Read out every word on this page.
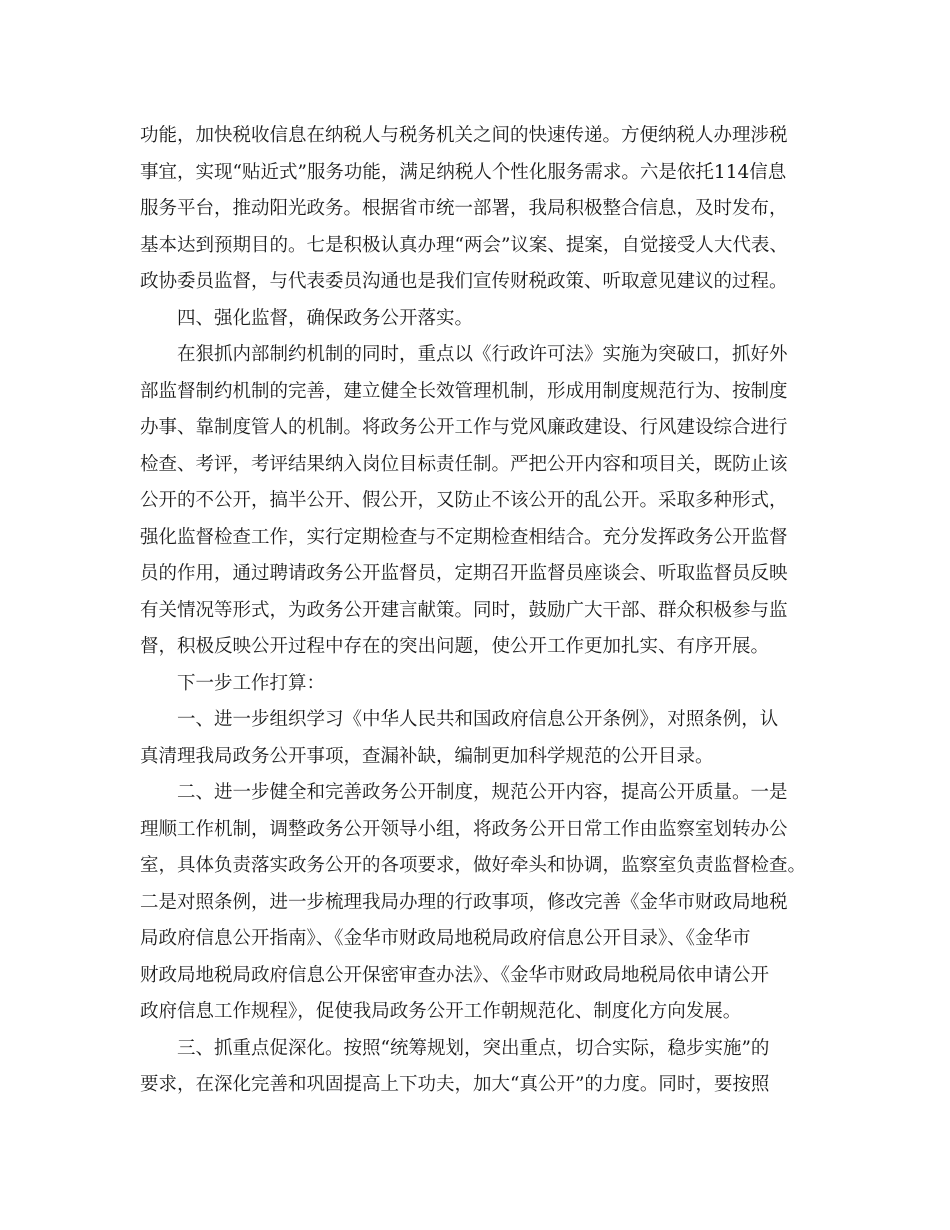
功能，加快税收信息在纳税人与税务机关之间的快速传递。方便纳税人办理涉税
事宜，实现“贴近式”服务功能，满足纳税人个性化服务需求。六是依托114信息
服务平台，推动阳光政务。根据省市统一部署，我局积极整合信息，及时发布，
基本达到预期目的。七是积极认真办理“两会”议案、提案，自觉接受人大代表、
政协委员监督，与代表委员沟通也是我们宣传财税政策、听取意见建议的过程。
四、强化监督，确保政务公开落实。
在狠抓内部制约机制的同时，重点以《行政许可法》实施为突破口，抓好外
部监督制约机制的完善，建立健全长效管理机制，形成用制度规范行为、按制度
办事、靠制度管人的机制。将政务公开工作与党风廉政建设、行风建设综合进行
检查、考评，考评结果纳入岗位目标责任制。严把公开内容和项目关，既防止该
公开的不公开，搞半公开、假公开，又防止不该公开的乱公开。采取多种形式，
强化监督检查工作，实行定期检查与不定期检查相结合。充分发挥政务公开监督
员的作用，通过聘请政务公开监督员，定期召开监督员座谈会、听取监督员反映
有关情况等形式，为政务公开建言献策。同时，鼓励广大干部、群众积极参与监
督，积极反映公开过程中存在的突出问题，使公开工作更加扎实、有序开展。
下一步工作打算：
一、进一步组织学习《中华人民共和国政府信息公开条例》，对照条例，认
真清理我局政务公开事项，查漏补缺，编制更加科学规范的公开目录。
二、进一步健全和完善政务公开制度，规范公开内容，提高公开质量。一是
理顺工作机制，调整政务公开领导小组，将政务公开日常工作由监察室划转办公
室，具体负责落实政务公开的各项要求，做好牵头和协调，监察室负责监督检查。
二是对照条例，进一步梳理我局办理的行政事项，修改完善《金华市财政局地税
局政府信息公开指南》、《金华市财政局地税局政府信息公开目录》、《金华市
财政局地税局政府信息公开保密审查办法》、《金华市财政局地税局依申请公开
政府信息工作规程》，促使我局政务公开工作朝规范化、制度化方向发展。
三、抓重点促深化。按照“统筹规划，突出重点，切合实际，稳步实施”的
要求，在深化完善和巩固提高上下功夫，加大“真公开”的力度。同时，要按照
